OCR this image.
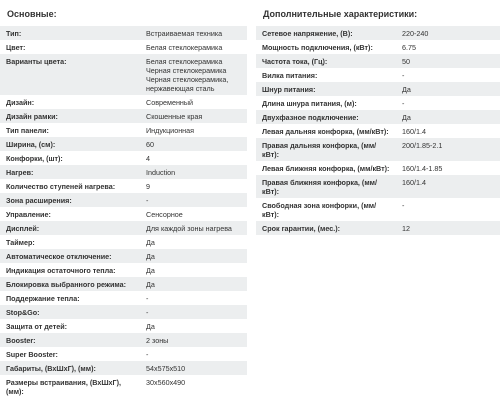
Основные:
Тип:	Встраиваемая техника
Цвет:	Белая стеклокерамика
Варианты цвета:	Белая стеклокерамика
Черная стеклокерамика
Черная стеклокерамика, нержавеющая сталь
Дизайн:	Современный
Дизайн рамки:	Скошенные края
Тип панели:	Индукционная
Ширина, (см):	60
Конфорки, (шт):	4
Нагрев:	Induction
Количество ступеней нагрева:	9
Зона расширения:	-
Управление:	Сенсорное
Дисплей:	Для каждой зоны нагрева
Таймер:	Да
Автоматическое отключение:	Да
Индикация остаточного тепла:	Да
Блокировка выбранного режима:	Да
Поддержание тепла:	-
Stop&Go:	-
Защита от детей:	Да
Booster:	2 зоны
Super Booster:	-
Габариты, (ВхШхГ), (мм):	54x575x510
Размеры встраивания, (ВхШхГ), (мм):	30x560x490
Дополнительные характеристики:
Сетевое напряжение, (В):	220-240
Мощность подключения, (кВт):	6.75
Частота тока, (Гц):	50
Вилка питания:	-
Шнур питания:	Да
Длина шнура питания, (м):	-
Двухфазное подключение:	Да
Левая дальняя конфорка, (мм/кВт):	160/1.4
Правая дальняя конфорка, (мм/кВт):	200/1.85-2.1
Левая ближняя конфорка, (мм/кВт):	160/1.4-1.85
Правая ближняя конфорка, (мм/кВт):	160/1.4
Свободная зона конфорки, (мм/кВт):	-
Срок гарантии, (мес.):	12
